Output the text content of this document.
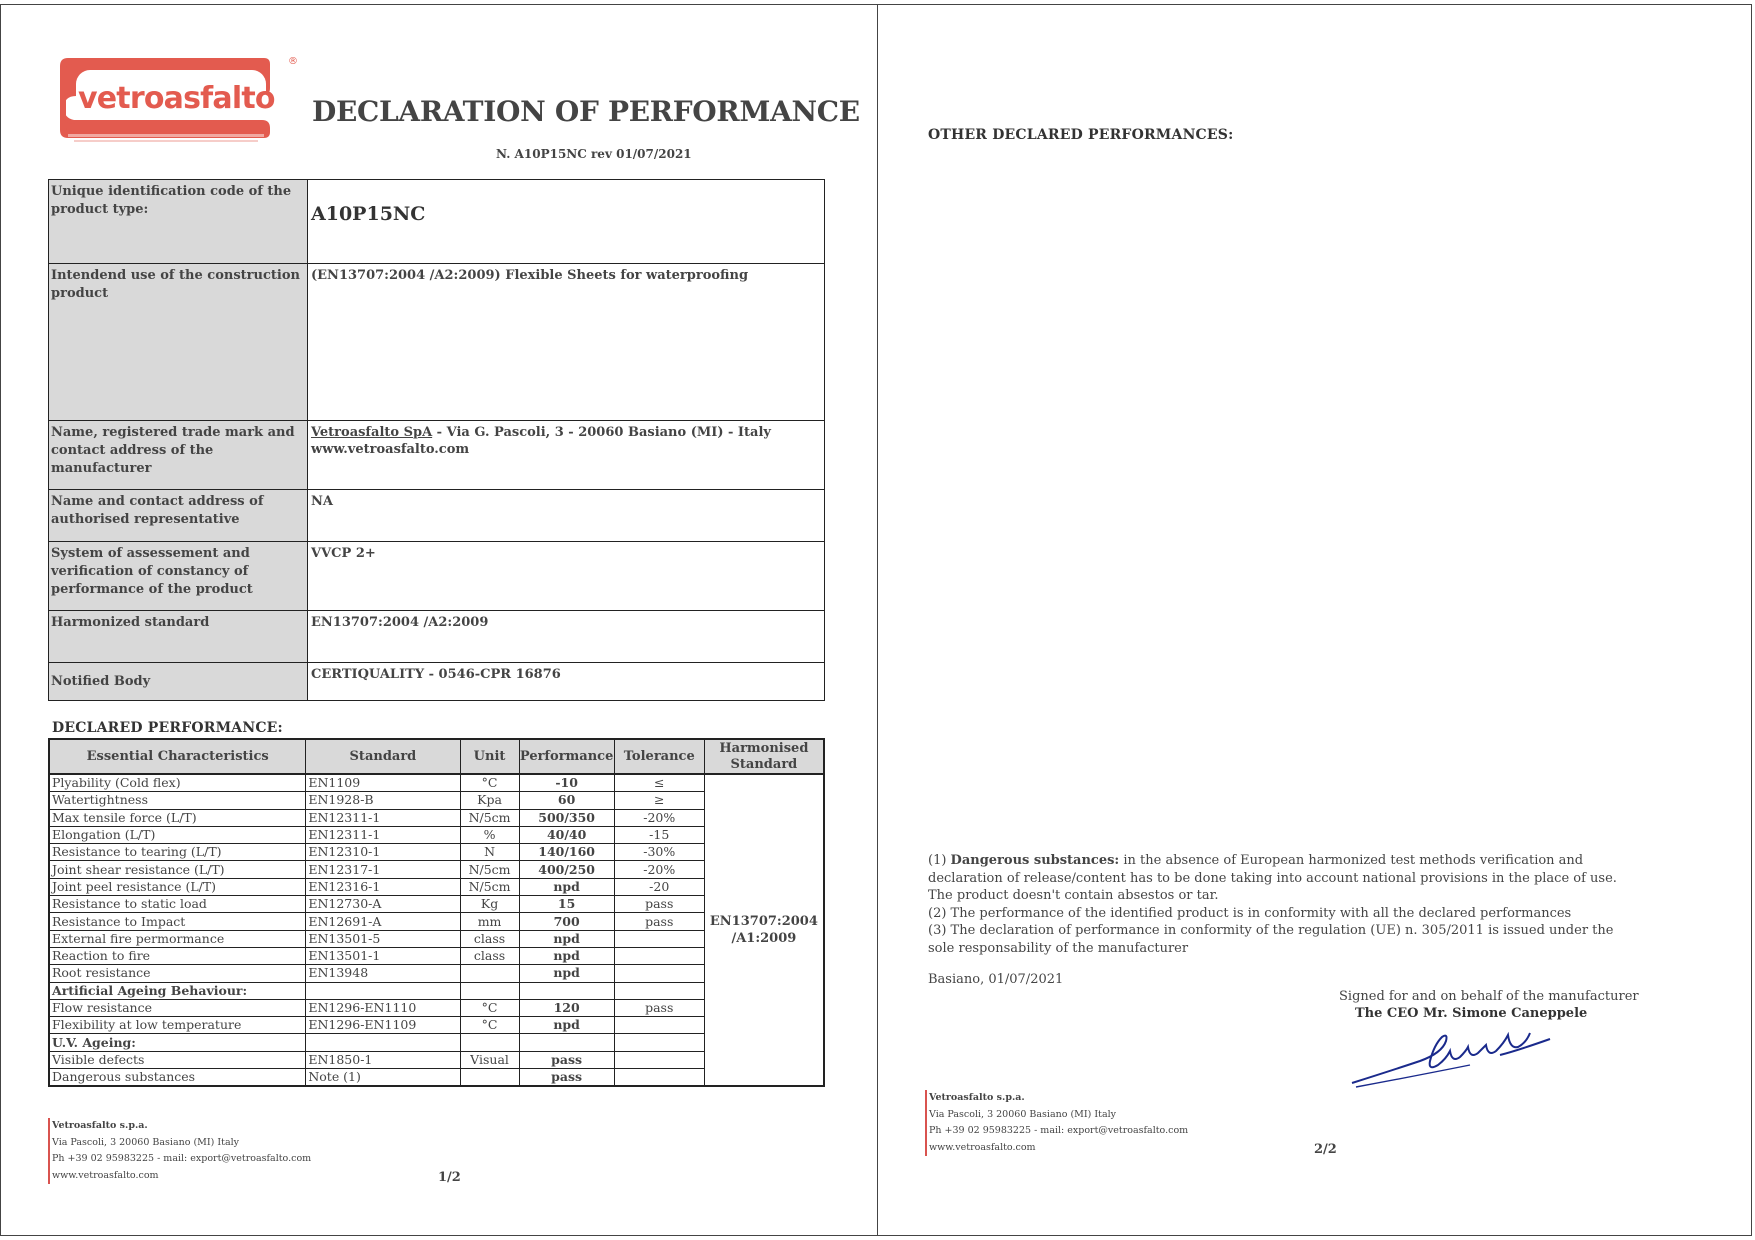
vetroasfalto
®
DECLARATION OF PERFORMANCE
N. A10P15NC rev 01/07/2021
Unique identification code of the product type:	A10P15NC

Intendend use of the construction product	(EN13707:2004 /A2:2009) Flexible Sheets for waterproofing
Name, registered trade mark and contact address of the manufacturer	Vetroasfalto SpA - Via G. Pascoli, 3 - 20060 Basiano (MI) - Italy
www.vetroasfalto.com
Name and contact address of authorised representative	NA
System of assessement and verification of constancy of performance of the product	VVCP 2+
Harmonized standard	EN13707:2004 /A2:2009
Notified Body	CERTIQUALITY - 0546-CPR 16876
DECLARED PERFORMANCE:
Essential Characteristics	Standard	Unit	Performance	Tolerance	Harmonised Standard
Plyability (Cold flex)	EN1109	°C	-10	≤	EN13707:2004 /A1:2009
Watertightness	EN1928-B	Kpa	60	≥	
Max tensile force (L/T)	EN12311-1	N/5cm	500/350	-20%	
Elongation (L/T)	EN12311-1	%	40/40	-15	
Resistance to tearing (L/T)	EN12310-1	N	140/160	-30%	
Joint shear resistance (L/T)	EN12317-1	N/5cm	400/250	-20%	
Joint peel resistance (L/T)	EN12316-1	N/5cm	npd	-20	
Resistance to static load	EN12730-A	Kg	15	pass	
Resistance to Impact	EN12691-A	mm	700	pass	
External fire permormance	EN13501-5	class	npd		
Reaction to fire	EN13501-1	class	npd		
Root resistance	EN13948		npd		
Artificial Ageing Behaviour:					
Flow resistance	EN1296-EN1110	°C	120	pass	
Flexibility at low temperature	EN1296-EN1109	°C	npd		
U.V. Ageing:					
Visible defects	EN1850-1	Visual	pass		
Dangerous substances	Note (1)		pass		
Vetroasfalto s.p.a.
Via Pascoli, 3 20060 Basiano (MI) Italy
Ph +39 02 95983225 - mail: export@vetroasfalto.com
www.vetroasfalto.com	1/2
OTHER DECLARED PERFORMANCES:

(1) Dangerous substances: in the absence of European harmonized test methods verification and declaration of release/content has to be done taking into account national provisions in the place of use. The product doesn't contain absestos or tar.

(2) The performance of the identified product is in conformity with all the declared performances

(3) The declaration of performance in conformity of the regulation (UE) n. 305/2011 is issued under the sole responsability of the manufacturer

Basiano, 01/07/2021
Signed for and on behalf of the manufacturer
The CEO Mr. Simone Caneppele
Vetroasfalto s.p.a.
Via Pascoli, 3 20060 Basiano (MI) Italy
Ph +39 02 95983225 - mail: export@vetroasfalto.com
www.vetroasfalto.com	2/2
